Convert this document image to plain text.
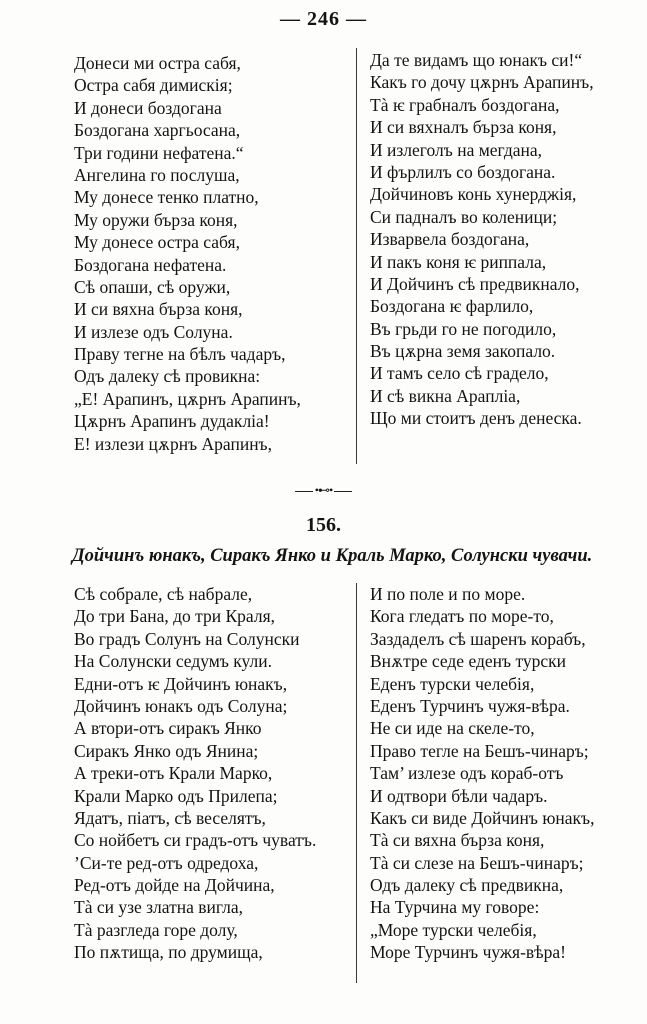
— 246 —
Донеси ми остра сабя,
Остра сабя димискія;
И донеси боздогана
Боздогана харгьосана,
Три години нефатена.“
Ангелина го послуша,
Му донесе тенко платно,
Му оружи бързa коня,
Му донесе остра сабя,
Боздогана нефатена.
Сѣ опаши, сѣ оружи,
И си вяхна бързa коня,
И излезе одъ Солуна.
Праву тегне на бѣлъ чадаръ,
Одъ далеку сѣ провикна:
„Е! Арапинъ, цѫрнъ Арапинъ,
Цѫрнъ Арапинъ дудакліа!
Е! излези цѫрнъ Арапинъ,
Да те видамъ що юнакъ си!“
Какъ го дочу цѫрнъ Арапинъ,
Тà ѥ грабналъ боздогана,
И си вяхналъ бързa коня,
И излеголъ на мегдана,
И фърлилъ со боздогана.
Дойчиновъ конь хунерджія,
Си падналъ во коленици;
Изварвела боздогана,
И пакъ коня ѥ риппала,
И Дойчинъ сѣ предвикнало,
Боздогана ѥ фарлило,
Въ грьди го не погодило,
Въ цѫрна земя закопало.
И тамъ село сѣ градело,
И сѣ викна Арапліа,
Що ми стоитъ денъ денеска.
•⊷•
156.
Дойчинъ юнакъ, Сиракъ Янко и Краль Марко, Солунски чувачи.
Сѣ собрале, сѣ набрале,
До три Бана, до три Краля,
Во градъ Солунъ на Солунски
На Солунски седумъ кули.
Едни-отъ ѥ Дойчинъ юнакъ,
Дойчинъ юнакъ одъ Солуна;
А втори-отъ сиракъ Янко
Сиракъ Янко одъ Янина;
А треки-отъ Крали Марко,
Крали Марко одъ Прилепа;
Ядатъ, піатъ, сѣ веселятъ,
Со нойбетъ си градъ-отъ чуватъ.
’Си-те ред-отъ одредоха,
Ред-отъ дойде на Дойчина,
Тà си узе златна вигла,
Тà разгледа горе долу,
По пѫтища, по друмища,
И по поле и по море.
Кога гледатъ по море-то,
Заздаделъ сѣ шаренъ корабъ,
Внѫтре седе еденъ турски
Еденъ турски челебія,
Еденъ Турчинъ чужя-вѣра.
Не си иде на скеле-то,
Право тегле на Бешъ-чинаръ;
Там’ излезе одъ кораб-отъ
И одтвори бѣли чадаръ.
Какъ си виде Дойчинъ юнакъ,
Тà си вяхна бързa коня,
Тà си слезе на Бешъ-чинаръ;
Одъ далеку сѣ предвикна,
На Турчина му говоре:
„Море турски челебія,
Море Турчинъ чужя-вѣра!
